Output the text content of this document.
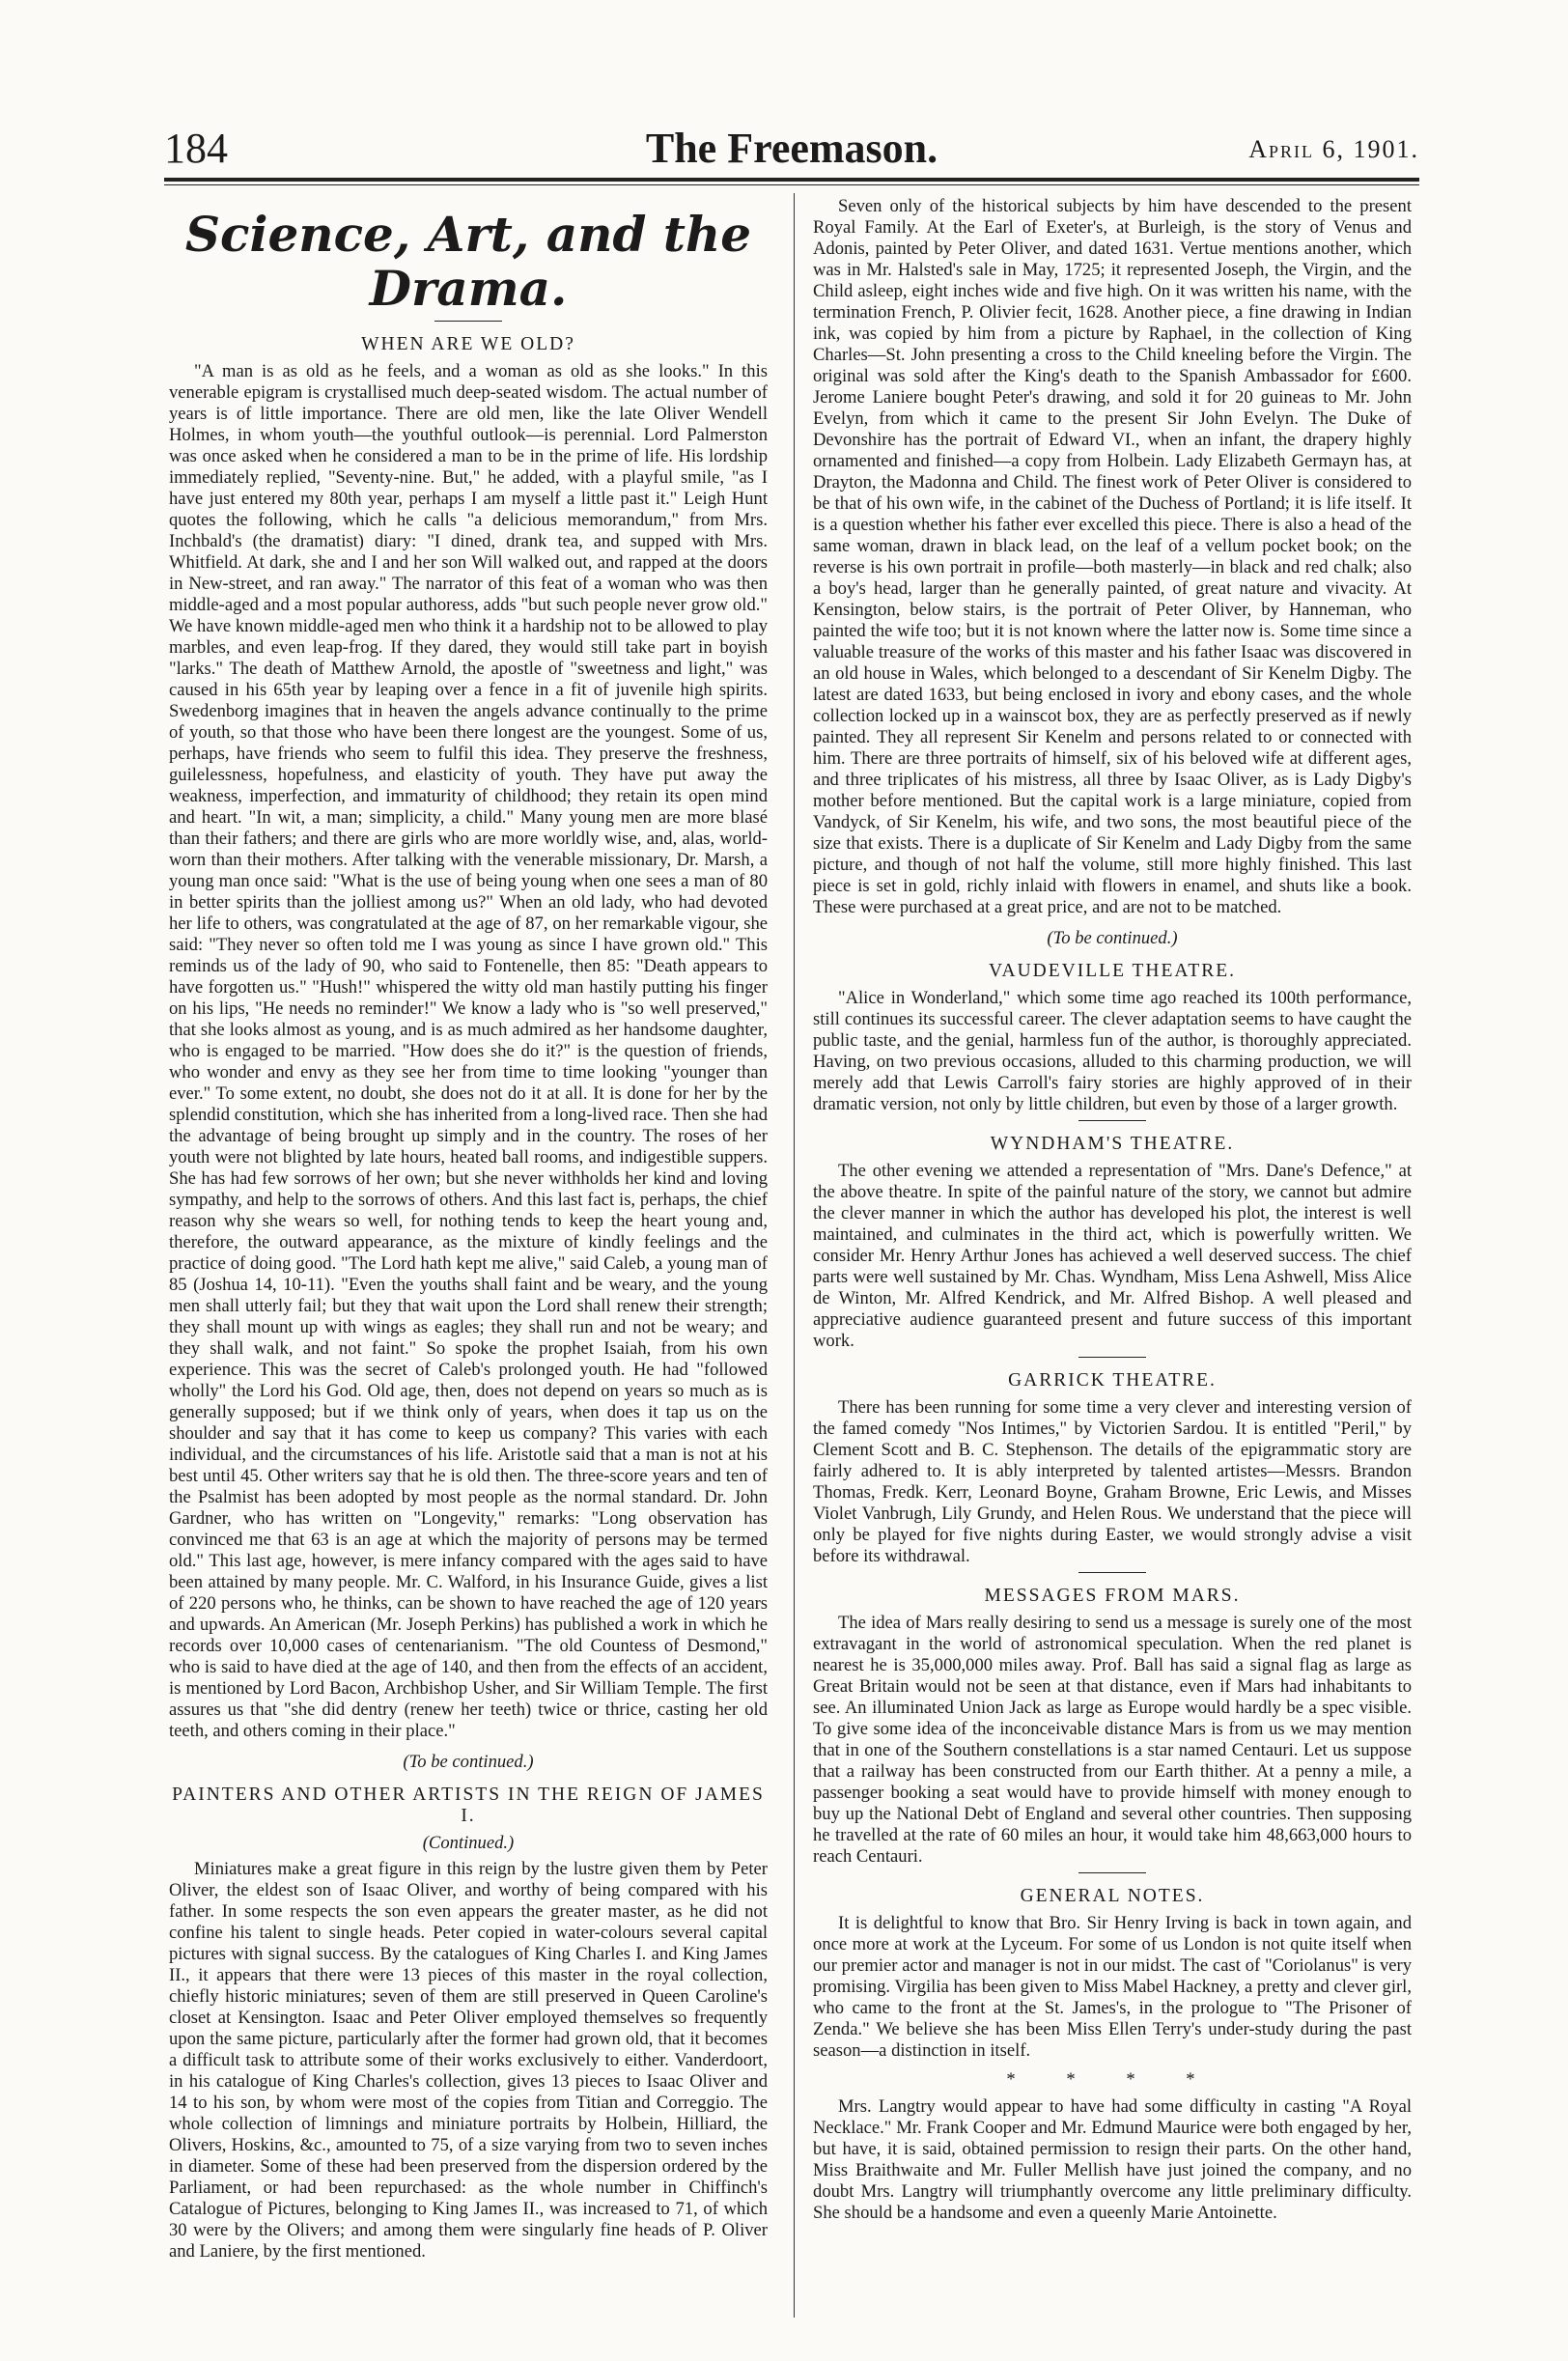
The Freemason.
184	April 6, 1901.
Science, Art, and the Drama.
WHEN ARE WE OLD?

"A man is as old as he feels, and a woman as old as she looks." In this venerable epigram is crystallised much deep-seated wisdom. The actual number of years is of little importance. There are old men, like the late Oliver Wendell Holmes, in whom youth—the youthful outlook—is perennial. Lord Palmerston was once asked when he considered a man to be in the prime of life. His lordship immediately replied, "Seventy-nine. But," he added, with a playful smile, "as I have just entered my 80th year, perhaps I am myself a little past it." Leigh Hunt quotes the following, which he calls "a delicious memorandum," from Mrs. Inchbald's (the dramatist) diary: "I dined, drank tea, and supped with Mrs. Whitfield. At dark, she and I and her son Will walked out, and rapped at the doors in New-street, and ran away." The narrator of this feat of a woman who was then middle-aged and a most popular authoress, adds "but such people never grow old." We have known middle-aged men who think it a hardship not to be allowed to play marbles, and even leap-frog. If they dared, they would still take part in boyish "larks." The death of Matthew Arnold, the apostle of "sweetness and light," was caused in his 65th year by leaping over a fence in a fit of juvenile high spirits. Swedenborg imagines that in heaven the angels advance continually to the prime of youth, so that those who have been there longest are the youngest. Some of us, perhaps, have friends who seem to fulfil this idea. They preserve the freshness, guilelessness, hopefulness, and elasticity of youth. They have put away the weakness, imperfection, and immaturity of childhood; they retain its open mind and heart. "In wit, a man; simplicity, a child." Many young men are more blasé than their fathers; and there are girls who are more worldly wise, and, alas, world-worn than their mothers. After talking with the venerable missionary, Dr. Marsh, a young man once said: "What is the use of being young when one sees a man of 80 in better spirits than the jolliest among us?" When an old lady, who had devoted her life to others, was congratulated at the age of 87, on her remarkable vigour, she said: "They never so often told me I was young as since I have grown old." This reminds us of the lady of 90, who said to Fontenelle, then 85: "Death appears to have forgotten us." "Hush!" whispered the witty old man hastily putting his finger on his lips, "He needs no reminder!" We know a lady who is "so well preserved," that she looks almost as young, and is as much admired as her handsome daughter, who is engaged to be married. "How does she do it?" is the question of friends, who wonder and envy as they see her from time to time looking "younger than ever." To some extent, no doubt, she does not do it at all. It is done for her by the splendid constitution, which she has inherited from a long-lived race. Then she had the advantage of being brought up simply and in the country. The roses of her youth were not blighted by late hours, heated ball rooms, and indigestible suppers. She has had few sorrows of her own; but she never withholds her kind and loving sympathy, and help to the sorrows of others. And this last fact is, perhaps, the chief reason why she wears so well, for nothing tends to keep the heart young and, therefore, the outward appearance, as the mixture of kindly feelings and the practice of doing good. "The Lord hath kept me alive," said Caleb, a young man of 85 (Joshua 14, 10-11). "Even the youths shall faint and be weary, and the young men shall utterly fail; but they that wait upon the Lord shall renew their strength; they shall mount up with wings as eagles; they shall run and not be weary; and they shall walk, and not faint." So spoke the prophet Isaiah, from his own experience. This was the secret of Caleb's prolonged youth. He had "followed wholly" the Lord his God. Old age, then, does not depend on years so much as is generally supposed; but if we think only of years, when does it tap us on the shoulder and say that it has come to keep us company? This varies with each individual, and the circumstances of his life. Aristotle said that a man is not at his best until 45. Other writers say that he is old then. The three-score years and ten of the Psalmist has been adopted by most people as the normal standard. Dr. John Gardner, who has written on "Longevity," remarks: "Long observation has convinced me that 63 is an age at which the majority of persons may be termed old." This last age, however, is mere infancy compared with the ages said to have been attained by many people. Mr. C. Walford, in his Insurance Guide, gives a list of 220 persons who, he thinks, can be shown to have reached the age of 120 years and upwards. An American (Mr. Joseph Perkins) has published a work in which he records over 10,000 cases of centenarianism. "The old Countess of Desmond," who is said to have died at the age of 140, and then from the effects of an accident, is mentioned by Lord Bacon, Archbishop Usher, and Sir William Temple. The first assures us that "she did dentry (renew her teeth) twice or thrice, casting her old teeth, and others coming in their place."

(To be continued.)
PAINTERS AND OTHER ARTISTS IN THE REIGN OF JAMES I.
(Continued.)

Miniatures make a great figure in this reign by the lustre given them by Peter Oliver, the eldest son of Isaac Oliver, and worthy of being compared with his father. In some respects the son even appears the greater master, as he did not confine his talent to single heads. Peter copied in water-colours several capital pictures with signal success. By the catalogues of King Charles I. and King James II., it appears that there were 13 pieces of this master in the royal collection, chiefly historic miniatures; seven of them are still preserved in Queen Caroline's closet at Kensington. Isaac and Peter Oliver employed themselves so frequently upon the same picture, particularly after the former had grown old, that it becomes a difficult task to attribute some of their works exclusively to either. Vanderdoort, in his catalogue of King Charles's collection, gives 13 pieces to Isaac Oliver and 14 to his son, by whom were most of the copies from Titian and Correggio. The whole collection of limnings and miniature portraits by Holbein, Hilliard, the Olivers, Hoskins, &c., amounted to 75, of a size varying from two to seven inches in diameter. Some of these had been preserved from the dispersion ordered by the Parliament, or had been repurchased: as the whole number in Chiffinch's Catalogue of Pictures, belonging to King James II., was increased to 71, of which 30 were by the Olivers; and among them were singularly fine heads of P. Oliver and Laniere, by the first mentioned.

Seven only of the historical subjects by him have descended to the present Royal Family. At the Earl of Exeter's, at Burleigh, is the story of Venus and Adonis, painted by Peter Oliver, and dated 1631. Vertue mentions another, which was in Mr. Halsted's sale in May, 1725; it represented Joseph, the Virgin, and the Child asleep, eight inches wide and five high. On it was written his name, with the termination French, P. Olivier fecit, 1628. Another piece, a fine drawing in Indian ink, was copied by him from a picture by Raphael, in the collection of King Charles—St. John presenting a cross to the Child kneeling before the Virgin. The original was sold after the King's death to the Spanish Ambassador for £600. Jerome Laniere bought Peter's drawing, and sold it for 20 guineas to Mr. John Evelyn, from which it came to the present Sir John Evelyn. The Duke of Devonshire has the portrait of Edward VI., when an infant, the drapery highly ornamented and finished—a copy from Holbein. Lady Elizabeth Germayn has, at Drayton, the Madonna and Child. The finest work of Peter Oliver is considered to be that of his own wife, in the cabinet of the Duchess of Portland; it is life itself. It is a question whether his father ever excelled this piece. There is also a head of the same woman, drawn in black lead, on the leaf of a vellum pocket book; on the reverse is his own portrait in profile—both masterly—in black and red chalk; also a boy's head, larger than he generally painted, of great nature and vivacity. At Kensington, below stairs, is the portrait of Peter Oliver, by Hanneman, who painted the wife too; but it is not known where the latter now is. Some time since a valuable treasure of the works of this master and his father Isaac was discovered in an old house in Wales, which belonged to a descendant of Sir Kenelm Digby. The latest are dated 1633, but being enclosed in ivory and ebony cases, and the whole collection locked up in a wainscot box, they are as perfectly preserved as if newly painted. They all represent Sir Kenelm and persons related to or connected with him. There are three portraits of himself, six of his beloved wife at different ages, and three triplicates of his mistress, all three by Isaac Oliver, as is Lady Digby's mother before mentioned. But the capital work is a large miniature, copied from Vandyck, of Sir Kenelm, his wife, and two sons, the most beautiful piece of the size that exists. There is a duplicate of Sir Kenelm and Lady Digby from the same picture, and though of not half the volume, still more highly finished. This last piece is set in gold, richly inlaid with flowers in enamel, and shuts like a book. These were purchased at a great price, and are not to be matched.

(To be continued.)
VAUDEVILLE THEATRE.

"Alice in Wonderland," which some time ago reached its 100th performance, still continues its successful career. The clever adaptation seems to have caught the public taste, and the genial, harmless fun of the author, is thoroughly appreciated. Having, on two previous occasions, alluded to this charming production, we will merely add that Lewis Carroll's fairy stories are highly approved of in their dramatic version, not only by little children, but even by those of a larger growth.

WYNDHAM'S THEATRE.

The other evening we attended a representation of "Mrs. Dane's Defence," at the above theatre. In spite of the painful nature of the story, we cannot but admire the clever manner in which the author has developed his plot, the interest is well maintained, and culminates in the third act, which is powerfully written. We consider Mr. Henry Arthur Jones has achieved a well deserved success. The chief parts were well sustained by Mr. Chas. Wyndham, Miss Lena Ashwell, Miss Alice de Winton, Mr. Alfred Kendrick, and Mr. Alfred Bishop. A well pleased and appreciative audience guaranteed present and future success of this important work.

GARRICK THEATRE.

There has been running for some time a very clever and interesting version of the famed comedy "Nos Intimes," by Victorien Sardou. It is entitled "Peril," by Clement Scott and B. C. Stephenson. The details of the epigrammatic story are fairly adhered to. It is ably interpreted by talented artistes—Messrs. Brandon Thomas, Fredk. Kerr, Leonard Boyne, Graham Browne, Eric Lewis, and Misses Violet Vanbrugh, Lily Grundy, and Helen Rous. We understand that the piece will only be played for five nights during Easter, we would strongly advise a visit before its withdrawal.

MESSAGES FROM MARS.

The idea of Mars really desiring to send us a message is surely one of the most extravagant in the world of astronomical speculation. When the red planet is nearest he is 35,000,000 miles away. Prof. Ball has said a signal flag as large as Great Britain would not be seen at that distance, even if Mars had inhabitants to see. An illuminated Union Jack as large as Europe would hardly be a spec visible. To give some idea of the inconceivable distance Mars is from us we may mention that in one of the Southern constellations is a star named Centauri. Let us suppose that a railway has been constructed from our Earth thither. At a penny a mile, a passenger booking a seat would have to provide himself with money enough to buy up the National Debt of England and several other countries. Then supposing he travelled at the rate of 60 miles an hour, it would take him 48,663,000 hours to reach Centauri.

GENERAL NOTES.

It is delightful to know that Bro. Sir Henry Irving is back in town again, and once more at work at the Lyceum. For some of us London is not quite itself when our premier actor and manager is not in our midst. The cast of "Coriolanus" is very promising. Virgilia has been given to Miss Mabel Hackney, a pretty and clever girl, who came to the front at the St. James's, in the prologue to "The Prisoner of Zenda." We believe she has been Miss Ellen Terry's under-study during the past season—a distinction in itself.

* * * *

Mrs. Langtry would appear to have had some difficulty in casting "A Royal Necklace." Mr. Frank Cooper and Mr. Edmund Maurice were both engaged by her, but have, it is said, obtained permission to resign their parts. On the other hand, Miss Braithwaite and Mr. Fuller Mellish have just joined the company, and no doubt Mrs. Langtry will triumphantly overcome any little preliminary difficulty. She should be a handsome and even a queenly Marie Antoinette.
